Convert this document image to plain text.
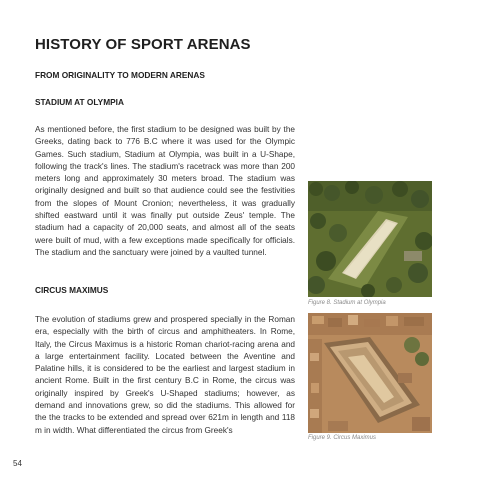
HISTORY OF SPORT ARENAS
FROM ORIGINALITY TO MODERN ARENAS
STADIUM AT OLYMPIA
As mentioned before, the first stadium to be designed was built by the Greeks, dating back to 776 B.C where it was used for the Olympic Games. Such stadium, Stadium at Olympia, was built in a U-Shape, following the track's lines. The stadium's racetrack was more than 200 meters long and approximately 30 meters broad. The stadium was originally designed and built so that audience could see the festivities from the slopes of Mount Cronion; nevertheless, it was gradually shifted eastward until it was finally put outside Zeus' temple. The stadium had a capacity of 20,000 seats, and almost all of the seats were built of mud, with a few exceptions made specifically for officials. The stadium and the sanctuary were joined by a vaulted tunnel.
CIRCUS MAXIMUS
The evolution of stadiums grew and prospered specially in the Roman era, especially with the birth of circus and amphitheaters. In Rome, Italy, the Circus Maximus is a historic Roman chariot-racing arena and a large entertainment facility. Located between the Aventine and Palatine hills, it is considered to be the earliest and largest stadium in ancient Rome. Built in the first century B.C in Rome, the circus was originally inspired by Greek's U-Shaped stadiums; however, as demand and innovations grew, so did the stadiums. This allowed for the the tracks to be extended and spread over 621m in length and 118 m in width. What differentiated the circus from Greek's
Figure 8. Stadium at Olympia
Figure 9. Circus Maximus
54
